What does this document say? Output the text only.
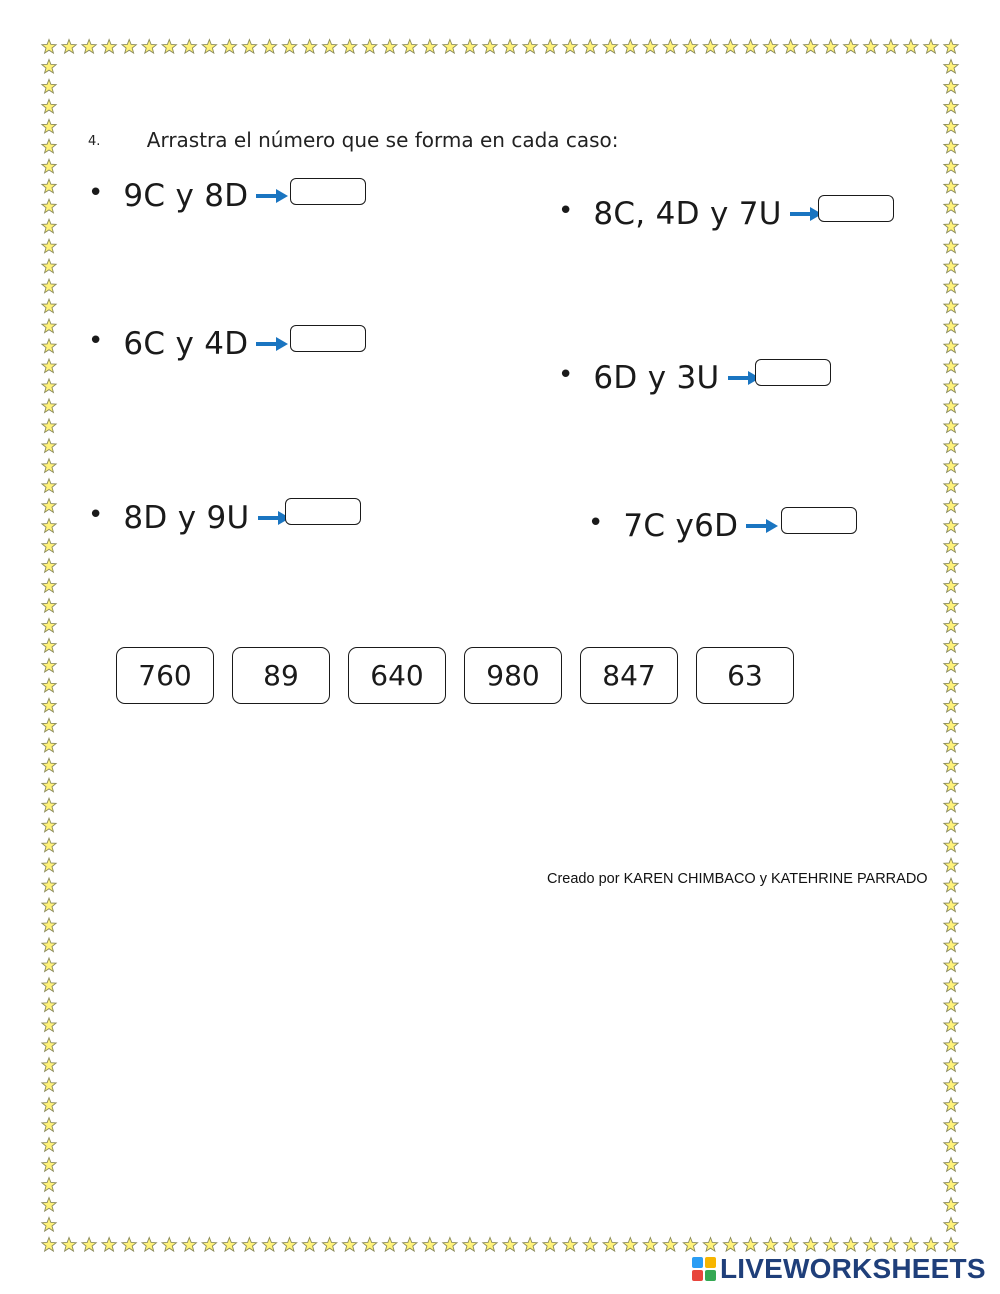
4. Arrastra el número que se forma en cada caso:
• 9C y 8D	• 8C, 4D y 7U
• 6C y 4D
• 6D y 3U
• 8D y 9U	• 7C y6D
760	89	640	980	847	63
Creado por KAREN CHIMBACO y KATEHRINE PARRADO
LIVEWORKSHEETS
